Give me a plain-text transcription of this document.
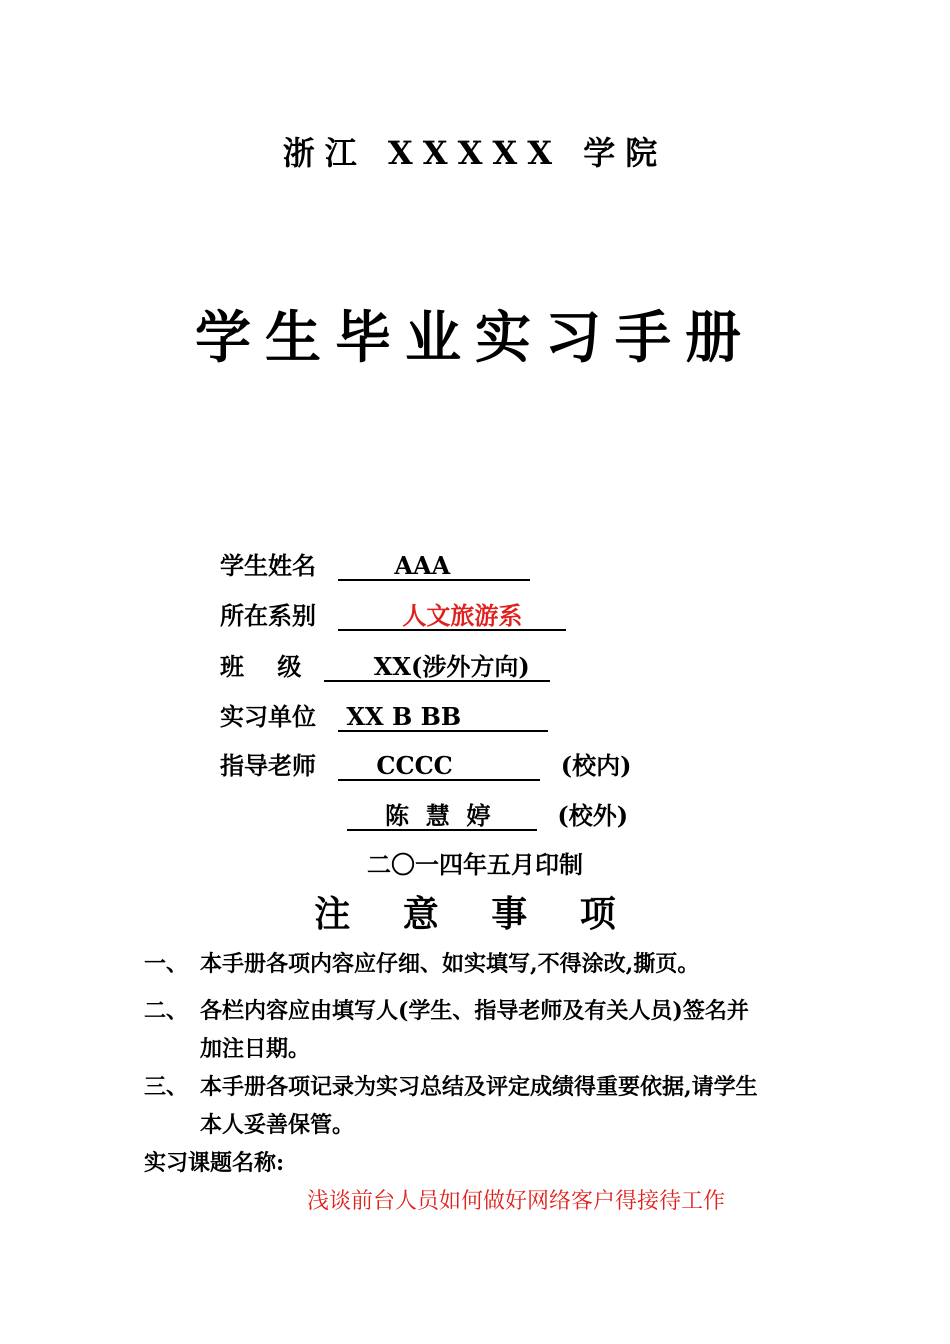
浙江 XXXXX 学院
学生毕业实习手册
学生姓名	AAA
所在系别	人文旅游系
班    级	XX(涉外方向)
实习单位 XX B BB
指导老师	CCCC	(校内)
陈  慧  婷	(校外)
二〇一四年五月印制
注 意 事 项
一、 本手册各项内容应仔细、如实填写,不得涂改,撕页。
二、 各栏内容应由填写人(学生、指导老师及有关人员)签名并
加注日期。
三、 本手册各项记录为实习总结及评定成绩得重要依据,请学生
本人妥善保管。
实习课题名称:
浅谈前台人员如何做好网络客户得接待工作
